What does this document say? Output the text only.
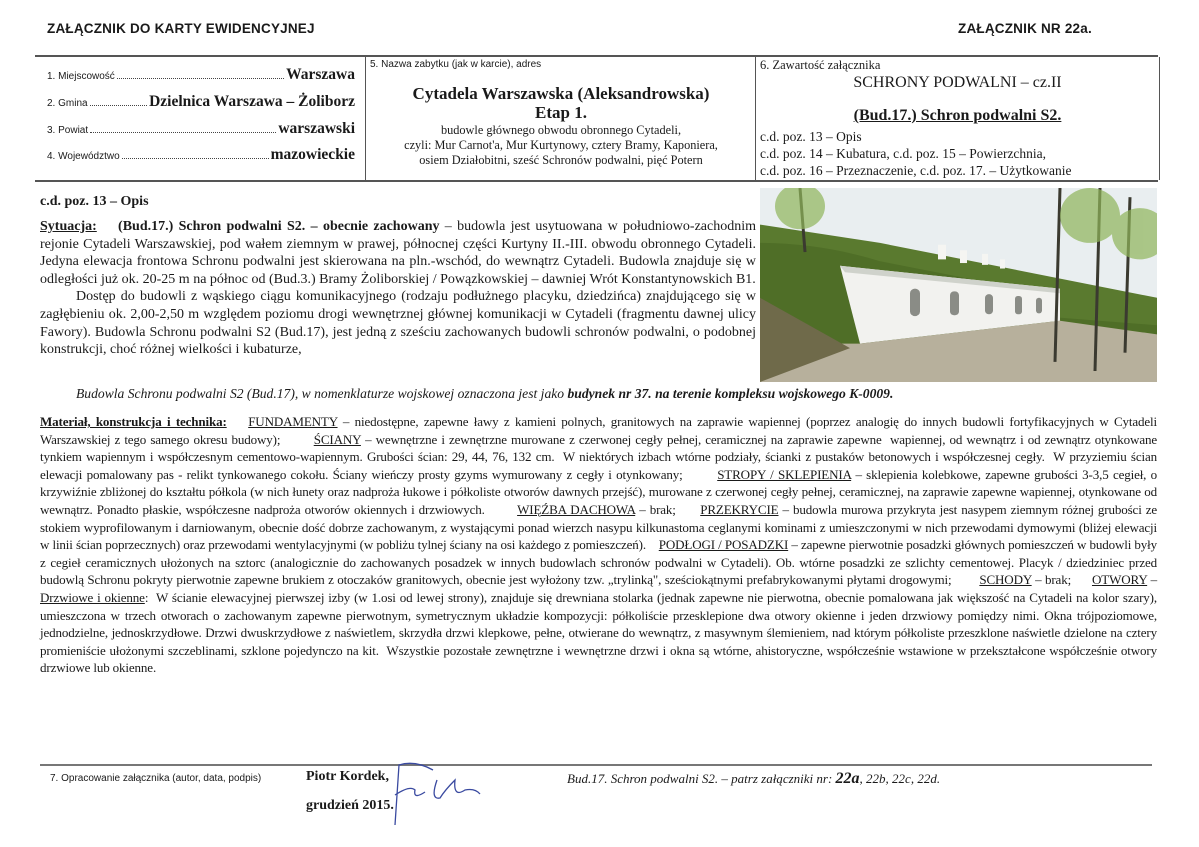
ZAŁĄCZNIK DO KARTY EWIDENCYJNEJ	ZAŁĄCZNIK NR 22a.
1. Miejscowość	Warszawa
2. Gmina	Dzielnica Warszawa – Żoliborz
3. Powiat	warszawski
4. Województwo	mazowieckie
5. Nazwa zabytku (jak w karcie), adres
Cytadela Warszawska (Aleksandrowska)
Etap 1.
budowle głównego obwodu obronnego Cytadeli,
czyli: Mur Carnot'a, Mur Kurtynowy, cztery Bramy, Kaponiera,
osiem Działobitni, sześć Schronów podwalni, pięć Potern
6. Zawartość załącznika
SCHRONY PODWALNI – cz.II
(Bud.17.) Schron podwalni S2.
c.d. poz. 13 – Opis
c.d. poz. 14 – Kubatura, c.d. poz. 15 – Powierzchnia,
c.d. poz. 16 – Przeznaczenie, c.d. poz. 17. – Użytkowanie
c.d. poz. 13 – Opis

Sytuacja: (Bud.17.) Schron podwalni S2. – obecnie zachowany – budowla jest usytuowana w południowo-zachodnim rejonie Cytadeli Warszawskiej, pod wałem ziemnym w prawej, północnej części Kurtyny II.-III. obwodu obronnego Cytadeli. Jedyna elewacja frontowa Schronu podwalni jest skierowana na pln.-wschód, do wewnątrz Cytadeli. Budowla znajduje się w odległości już ok. 20-25 m na północ od (Bud.3.) Bramy Żoliborskiej / Powązkowskiej – dawniej Wrót Konstantynowskich B1.

Dostęp do budowli z wąskiego ciągu komunikacyjnego (rodzaju podłużnego placyku, dziedzińca) znajdującego się w zagłębieniu ok. 2,00-2,50 m względem poziomu drogi wewnętrznej głównej komunikacji w Cytadeli (fragmentu dawnej ulicy Fawory). Budowla Schronu podwalni S2 (Bud.17), jest jedną z sześciu zachowanych budowli schronów podwalni, o podobnej konstrukcji, choć różnej wielkości i kubaturze,

Budowla Schronu podwalni S2 (Bud.17), w nomenklaturze wojskowej oznaczona jest jako budynek nr 37. na terenie kompleksu wojskowego K-0009.
Materiał, konstrukcja i technika: FUNDAMENTY – niedostępne, zapewne ławy z kamieni polnych, granitowych na zaprawie wapiennej (poprzez analogię do innych budowli fortyfikacyjnych w Cytadeli Warszawskiej z tego samego okresu budowy);        ŚCIANY – wewnętrzne i zewnętrzne murowane z czerwonej cegły pełnej, ceramicznej na zaprawie zapewne  wapiennej, od wewnątrz i od zewnątrz otynkowane tynkiem wapiennym i współczesnym cementowo-wapiennym. Grubości ścian: 29, 44, 76, 132 cm.  W niektórych izbach wtórne podziały, ścianki z pustaków betonowych i współczesnej cegły.  W przyziemiu ścian elewacji pomalowany pas - relikt tynkowanego cokołu. Ściany wieńczy prosty gzyms wymurowany z cegły i otynkowany;        STROPY / SKLEPIENIA – sklepienia kolebkowe, zapewne grubości 3-3,5 cegieł, o krzywiźnie zbliżonej do kształtu półkola (w nich łunety oraz nadproża łukowe i półkoliste otworów dawnych przejść), murowane z czerwonej cegły pełnej, ceramicznej, na zaprawie zapewne wapiennej, otynkowane od wewnątrz. Ponadto płaskie, współczesne nadproża otworów okiennych i drzwiowych.        WIĘŹBA DACHOWA – brak;      PRZEKRYCIE – budowla murowa przykryta jest nasypem ziemnym różnej grubości ze stokiem wyprofilowanym i darniowanym, obecnie dość dobrze zachowanym, z wystającymi ponad wierzch nasypu kilkunastoma ceglanymi kominami z umieszczonymi w nich przewodami dymowymi (bliżej elewacji w linii ścian poprzecznych) oraz przewodami wentylacyjnymi (w pobliżu tylnej ściany na osi każdego z pomieszczeń).    PODŁOGI / POSADZKI – zapewne pierwotnie posadzki głównych pomieszczeń w budowli były z cegieł ceramicznych ułożonych na sztorc (analogicznie do zachowanych posadzek w innych budowlach schronów podwalni w Cytadeli). Ob. wtórne posadzki ze szlichty cementowej. Placyk / dziedziniec przed budowlą Schronu pokryty pierwotnie zapewne brukiem z otoczaków granitowych, obecnie jest wyłożony tzw. „trylinką", sześciokątnymi prefabrykowanymi płytami drogowymi;        SCHODY – brak;      OTWORY –  Drzwiowe i okienne:  W ścianie elewacyjnej pierwszej izby (w 1.osi od lewej strony), znajduje się drewniana stolarka (jednak zapewne nie pierwotna, obecnie pomalowana jak większość na Cytadeli na kolor szary), umieszczona w trzech otworach o zachowanym zapewne pierwotnym, symetrycznym układzie kompozycji: półkoliście przesklepione dwa otwory okienne i jeden drzwiowy pomiędzy nimi. Okna trójpoziomowe, jednodzielne, jednoskrzydłowe. Drzwi dwuskrzydłowe z naświetlem, skrzydła drzwi klepkowe, pełne, otwierane do wewnątrz, z masywnym ślemieniem, nad którym półkoliste przeszklone naświetle dzielone na cztery promieniście ułożonymi szczeblinami, szklone pojedynczo na kit.  Wszystkie pozostałe zewnętrzne i wewnętrzne drzwi i okna są wtórne, ahistoryczne, współcześnie wstawione w przekształcone współcześnie otwory drzwiowe lub okienne.
7. Opracowanie załącznika (autor, data, podpis)	Piotr Kordek,
grudzień 2015.
Bud.17. Schron podwalni S2. – patrz załączniki nr: 22a, 22b, 22c, 22d.
